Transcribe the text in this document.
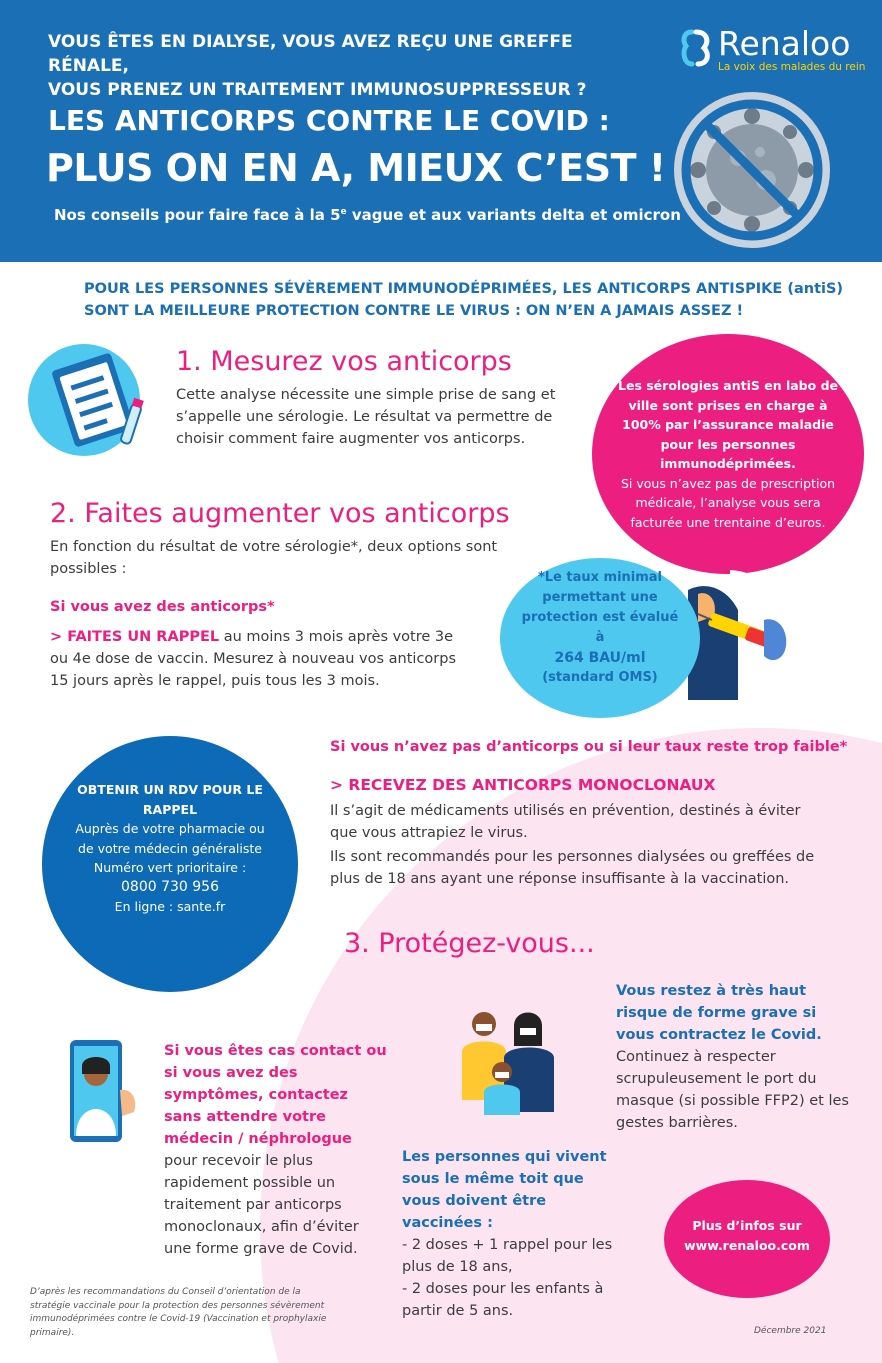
VOUS ÊTES EN DIALYSE, VOUS AVEZ REÇU UNE GREFFE RÉNALE,
VOUS PRENEZ UN TRAITEMENT IMMUNOSUPPRESSEUR ?
LES ANTICORPS CONTRE LE COVID :
PLUS ON EN A, MIEUX C’EST !
Nos conseils pour faire face à la 5e vague et aux variants delta et omicron
Renaloo
La voix des malades du rein
POUR LES PERSONNES SÉVÈREMENT IMMUNODÉPRIMÉES, LES ANTICORPS ANTISPIKE (antiS)
SONT LA MEILLEURE PROTECTION CONTRE LE VIRUS : ON N’EN A JAMAIS ASSEZ !
1. Mesurez vos anticorps
Cette analyse nécessite une simple prise de sang et s’appelle une sérologie. Le résultat va permettre de choisir comment faire augmenter vos anticorps.
2. Faites augmenter vos anticorps
En fonction du résultat de votre sérologie*, deux options sont possibles :
Si vous avez des anticorps*
> FAITES UN RAPPEL au moins 3 mois après votre 3e ou 4e dose de vaccin. Mesurez à nouveau vos anticorps 15 jours après le rappel, puis tous les 3 mois.
Les sérologies antiS en labo de ville sont prises en charge à 100% par l’assurance maladie pour les personnes immunodéprimées.
Si vous n’avez pas de prescription médicale, l’analyse vous sera facturée une trentaine d’euros.
*Le taux minimal permettant une protection est évalué à
264 BAU/ml
(standard OMS)
Si vous n’avez pas d’anticorps ou si leur taux reste trop faible*
> RECEVEZ DES ANTICORPS MONOCLONAUX
Il s’agit de médicaments utilisés en prévention, destinés à éviter que vous attrapiez le virus.
Ils sont recommandés pour les personnes dialysées ou greffées de plus de 18 ans ayant une réponse insuffisante à la vaccination.
OBTENIR UN RDV POUR LE RAPPEL
Auprès de votre pharmacie ou de votre médecin généraliste
Numéro vert prioritaire :
0800 730 956
En ligne : sante.fr
3. Protégez-vous...
Vous restez à très haut risque de forme grave si vous contractez le Covid.
Continuez à respecter scrupuleusement le port du masque (si possible FFP2) et les gestes barrières.
Si vous êtes cas contact ou si vous avez des symptômes, contactez sans attendre votre médecin / néphrologue pour recevoir le plus rapidement possible un traitement par anticorps monoclonaux, afin d’éviter une forme grave de Covid.
Les personnes qui vivent sous le même toit que vous doivent être vaccinées :
- 2 doses + 1 rappel pour les plus de 18 ans,
- 2 doses pour les enfants à partir de 5 ans.
Plus d’infos sur
www.renaloo.com
D’après les recommandations du Conseil d’orientation de la stratégie vaccinale pour la protection des personnes sévèrement immunodéprimées contre le Covid-19 (Vaccination et prophylaxie primaire).	Décembre 2021
